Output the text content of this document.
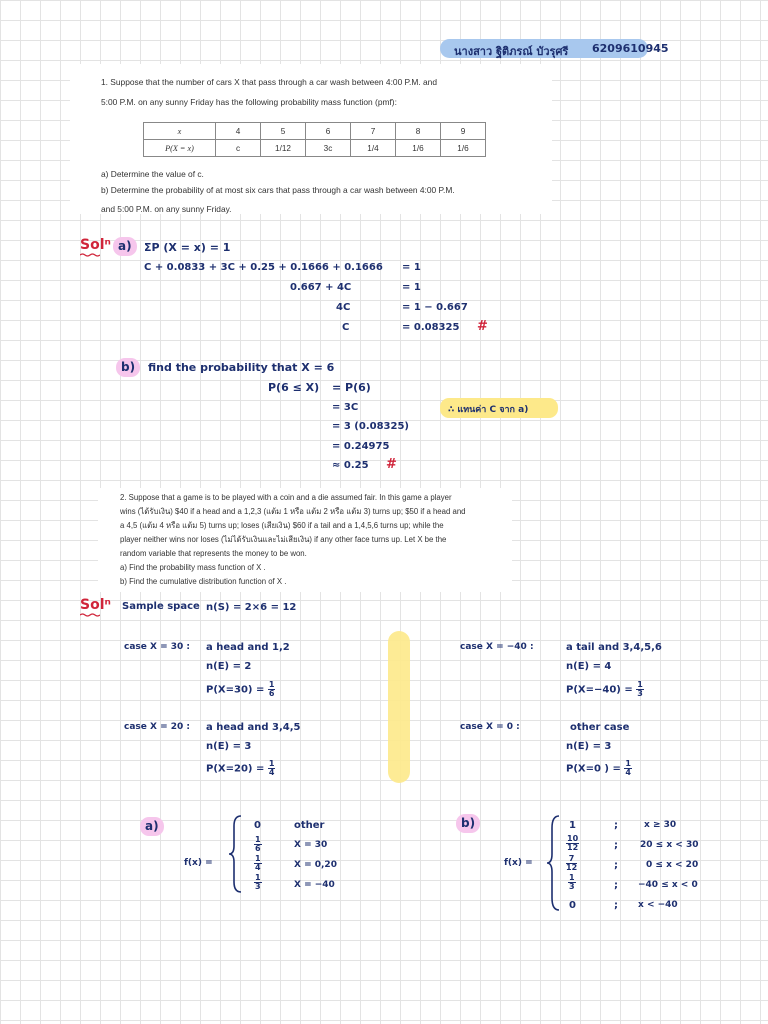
นางสาว ฐิติภรณ์ บัวรุศรี 6209610945
1. Suppose that the number of cars X that pass through a car wash between 4:00 P.M. and
5:00 P.M. on any sunny Friday has the following probability mass function (pmf):
x	4	5	6	7	8	9
P(X = x)	c	1/12	3c	1/4	1/6	1/6
a) Determine the value of c.
b) Determine the probability of at most six cars that pass through a car wash between 4:00 P.M.
and 5:00 P.M. on any sunny Friday.
Solⁿ a) ΣP (X = x) = 1
C + 0.0833 + 3C + 0.25 + 0.1666 + 0.1666 = 1
0.667 + 4C	= 1
4C	= 1 − 0.667
C	= 0.08325 #
b) find the probability that X = 6
P(6 ≤ X) = P(6)
= 3C	∴ แทนค่า C จาก a)
= 3 (0.08325)
= 0.24975
≈ 0.25 #
2. Suppose that a game is to be played with a coin and a die assumed fair. In this game a player
wins (ได้รับเงิน) $40 if a head and a 1,2,3 (แต้ม 1 หรือ แต้ม 2 หรือ แต้ม 3) turns up; $50 if a head and
a 4,5 (แต้ม 4 หรือ แต้ม 5) turns up; loses (เสียเงิน) $60 if a tail and a 1,4,5,6 turns up; while the
player neither wins nor loses (ไม่ได้รับเงินและไม่เสียเงิน) if any other face turns up. Let X be the
random variable that represents the money to be won.
a) Find the probability mass function of X .
b) Find the cumulative distribution function of X .
Solⁿ Sample space n(S) = 2×6 = 12
case X = 30 : a head and 1,2
n(E) = 2
$P(X=30) = \frac{1}{6}$
case X = −40 :	a tail and 3,4,5,6
n(E) = 4
$P(X=-40) = \frac{1}{3}$
case X = 20 : a head and 3,4,5
n(E) = 3
$P(X=20) = \frac{1}{4}$
case X = 0 :	other case
n(E) = 3
P(X=0 ) = $\frac{1}{4}$
a)
f(x) =
0	other
$\frac{1}{6}$	X = 30
$\frac{1}{4}$	X = 0,20
$\frac{1}{3}$	X = −40
b)
f(x) =
1	;	x ≥ 30
$\frac{10}{12}$	; 20 ≤ x < 30
$\frac{7}{12}$	;	0 ≤ x < 20
$\frac{1}{3}$	; −40 ≤ x < 0
0	; x < −40
